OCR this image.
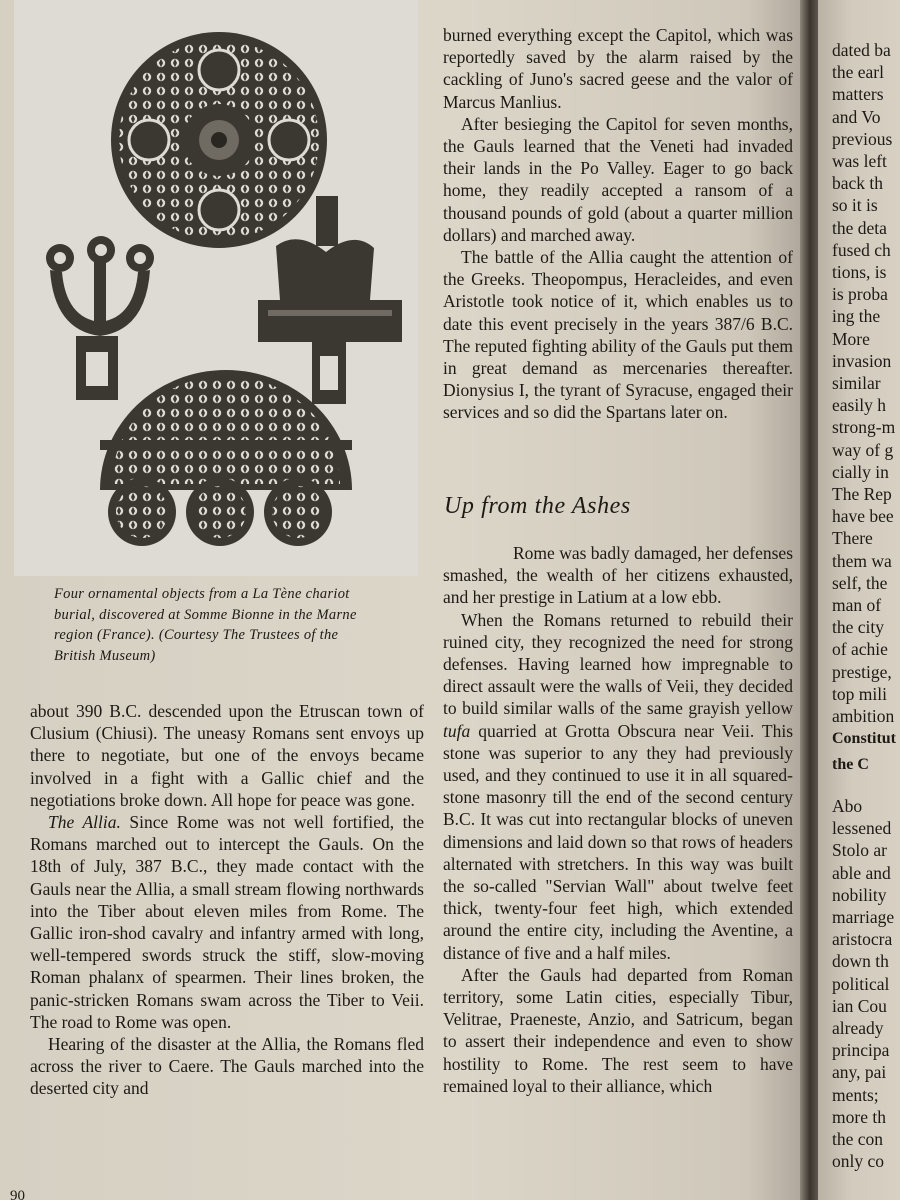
Four ornamental objects from a La Tène chariot burial, discovered at Somme Bionne in the Marne region (France). (Courtesy The Trustees of the British Museum)

about 390 B.C. descended upon the Etruscan town of Clusium (Chiusi). The uneasy Romans sent envoys up there to negotiate, but one of the envoys became involved in a fight with a Gallic chief and the negotiations broke down. All hope for peace was gone.

The Allia. Since Rome was not well fortified, the Romans marched out to intercept the Gauls. On the 18th of July, 387 B.C., they made contact with the Gauls near the Allia, a small stream flowing northwards into the Tiber about eleven miles from Rome. The Gallic iron-shod cavalry and infantry armed with long, well-tempered swords struck the stiff, slow-moving Roman phalanx of spearmen. Their lines broken, the panic-stricken Romans swam across the Tiber to Veii. The road to Rome was open.

Hearing of the disaster at the Allia, the Romans fled across the river to Caere. The Gauls marched into the deserted city and

burned everything except the Capitol, which was reportedly saved by the alarm raised by the cackling of Juno's sacred geese and the valor of Marcus Manlius.

After besieging the Capitol for seven months, the Gauls learned that the Veneti had invaded their lands in the Po Valley. Eager to go back home, they readily accepted a ransom of a thousand pounds of gold (about a quarter million dollars) and marched away.

The battle of the Allia caught the attention of the Greeks. Theopompus, Heracleides, and even Aristotle took notice of it, which enables us to date this event precisely in the years 387/6 B.C. The reputed fighting ability of the Gauls put them in great demand as mercenaries thereafter. Dionysius I, the tyrant of Syracuse, engaged their services and so did the Spartans later on.

Up from the Ashes

Rome was badly damaged, her defenses smashed, the wealth of her citizens exhausted, and her prestige in Latium at a low ebb.

When the Romans returned to rebuild their ruined city, they recognized the need for strong defenses. Having learned how impregnable to direct assault were the walls of Veii, they decided to build similar walls of the same grayish yellow tufa quarried at Grotta Obscura near Veii. This stone was superior to any they had previously used, and they continued to use it in all squared-stone masonry till the end of the second century B.C. It was cut into rectangular blocks of uneven dimensions and laid down so that rows of headers alternated with stretchers. In this way was built the so-called "Servian Wall" about twelve feet thick, twenty-four feet high, which extended around the entire city, including the Aventine, a distance of five and a half miles.

After the Gauls had departed from Roman territory, some Latin cities, especially Tibur, Velitrae, Praeneste, Anzio, and Satricum, began to assert their independence and even to show hostility to Rome. The rest seem to have remained loyal to their alliance, which

90
dated ba
the earl
matters
and Vo
previous
was left
back th
so it is
the deta
fused ch
tions, is
is proba
ing the
More
invasion
similar
easily h
strong-m
way of g
cially in
The Rep
have bee
There
them wa
self, the
man of
the city
of achie
prestige,
top mili
ambition
Constitut
the C
Abo
lessened
Stolo ar
able and
nobility
marriage
aristocra
down th
political
ian Cou
already
principa
any, pai
ments;
more th
the con
only co
